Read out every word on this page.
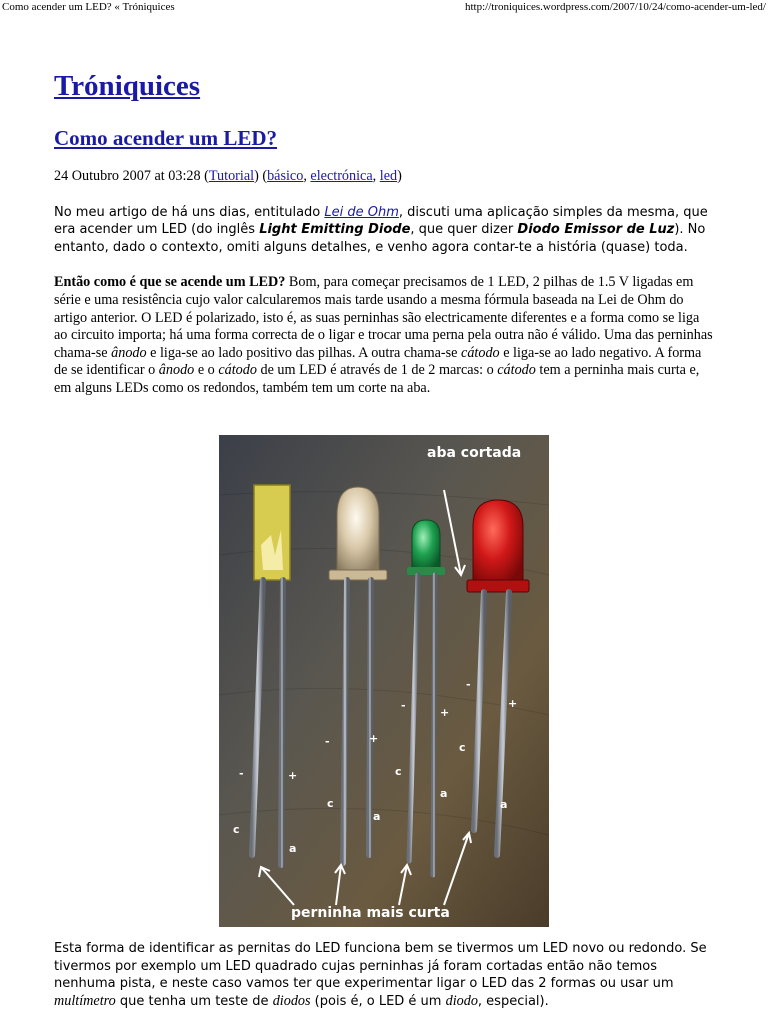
Como acender um LED? « Tróniquices	http://troniquices.wordpress.com/2007/10/24/como-acender-um-led/
Tróniquices
Como acender um LED?
24 Outubro 2007 at 03:28 (Tutorial) (básico, electrónica, led)

No meu artigo de há uns dias, entitulado Lei de Ohm, discuti uma aplicação simples da mesma, que era acender um LED (do inglês Light Emitting Diode, que quer dizer Diodo Emissor de Luz). No entanto, dado o contexto, omiti alguns detalhes, e venho agora contar-te a história (quase) toda.

Então como é que se acende um LED? Bom, para começar precisamos de 1 LED, 2 pilhas de 1.5 V ligadas em série e uma resistência cujo valor calcularemos mais tarde usando a mesma fórmula baseada na Lei de Ohm do artigo anterior. O LED é polarizado, isto é, as suas perninhas são electricamente diferentes e a forma como se liga ao circuito importa; há uma forma correcta de o ligar e trocar uma perna pela outra não é válido. Uma das perninhas chama-se ânodo e liga-se ao lado positivo das pilhas. A outra chama-se cátodo e liga-se ao lado negativo. A forma de se identificar o ânodo e o cátodo de um LED é através de 1 de 2 marcas: o cátodo tem a perninha mais curta e, em alguns LEDs como os redondos, também tem um corte na aba.

aba cortada
perninha mais curta
-	+
c
a
-	+
c
a
-
+
c
a
-
+
c
a

Esta forma de identificar as pernitas do LED funciona bem se tivermos um LED novo ou redondo. Se tivermos por exemplo um LED quadrado cujas perninhas já foram cortadas então não temos nenhuma pista, e neste caso vamos ter que experimentar ligar o LED das 2 formas ou usar um multímetro que tenha um teste de diodos (pois é, o LED é um diodo, especial).
